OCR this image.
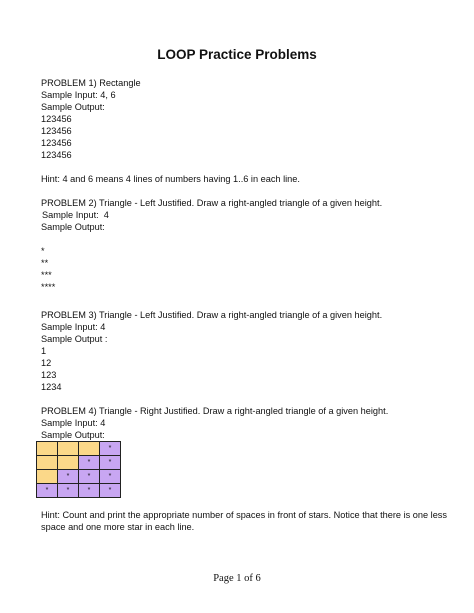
LOOP Practice Problems
PROBLEM 1) Rectangle
Sample Input: 4, 6
Sample Output:
123456
123456
123456
123456
Hint: 4 and 6 means 4 lines of numbers having 1..6 in each line.
PROBLEM 2) Triangle - Left Justified. Draw a right-angled triangle of a given height.
Sample Input:  4
Sample Output:
*
**
***
****
PROBLEM 3) Triangle - Left Justified. Draw a right-angled triangle of a given height.
Sample Input: 4
Sample Output :
1
12
123
1234
PROBLEM 4) Triangle - Right Justified. Draw a right-angled triangle of a given height.
Sample Input: 4
Sample Output:
			*
		*	*
	*	*	*
*	*	*	*
Hint: Count and print the appropriate number of spaces in front of stars. Notice that there is one less
space and one more star in each line.
Page 1 of 6
